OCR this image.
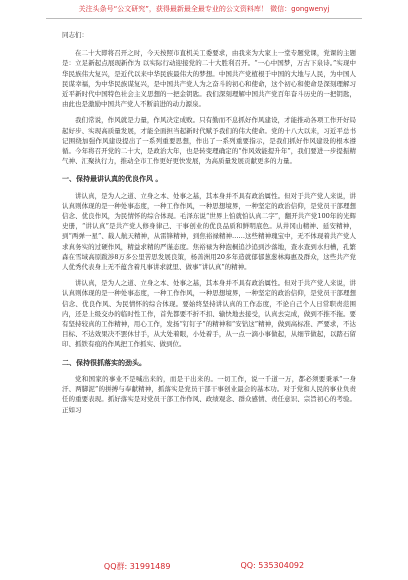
关注头条号“公文研究”，获得最新最全最专业的公文资料库！ 微信：gongwenyj

同志们：

在二十大即将召开之时，今天按照市直机关工委要求，由我来为大家上一堂专题党课，党课的主题是：立足新起点展现新作为 以实际行动迎接党的二十大胜利召开。“一心中国梦，万古下泉诗。”实现中华民族伟大复兴，是近代以来中华民族最伟大的梦想。中国共产党植根于中国的大地与人民，为中国人民谋幸福，为中华民族谋复兴，是中国共产党人为之奋斗的初心和使命，这个初心和使命是深刻理解习近平新时代中国特色社会主义思想的一把金钥匙。我们深刻理解中国共产党百年奋斗历史的一把钥匙，由此也是激励中国共产党人不断前进的动力源泉。

我们常说，作风就是力量，作风决定成败。只有勤而不息抓好作风建设，才能推动各项工作开好局起好步、实现高质量发展，才能全面担当起新时代赋予我们的伟大使命。党的十八大以来，习近平总书记围绕加强作风建设提出了一系列重要思想，作出了一系列重要指示，是我们抓好作风建设的根本遵循。今年将召开党的二十大，是政治大年，也是转变理确定的“作风效能提升年”，我们要进一步提振精气神、汇聚执行力，推动全市工作更好更快发展，为高质量发展贡献更多的力量。

一、保持最讲认真的优良作风 。

讲认真，是为人之道、立身之本、处事之基，其本身并不具有政治属性。但对于共产党人来说，讲认真则体现的是一种处事态度，一种工作作风，一种思想境界，一种坚定的政治信仰，是党员干部理想信念、优良作风，为民情怀的综合体现。毛泽东说“世界上怕就怕认真二字”，翻开共产党100年的光辉史册，“讲认真”是共产党人修身律己、干事创业的优良品质和鲜明底色。从井冈山精神、延安精神，到“两弹一星”、载人航天精神，从雷锋精神，到焦裕禄精神……这些精神瑰宝中，无不体现着共产党人求真务实的过硬作风，精益求精的严谨态度。焦裕禄为种泡桐追沙追到沙落地，查水查到水归槽，孔繁森在雪域高原跋涉8万多公里苦思发展良策，杨善洲用20多年造就郁郁葱葱林海惠及群众，这些共产党人优秀代表身上无不蕴含着凡事讲求就里、做事“讲认真”的精神。

讲认真，是为人之道、立身之本、处事之基，其本身并不具有政治属性。但对于共产党人来说，讲认真则体现的是一种处事态度，一种工作作风，一种思想境界，一种坚定的政治信仰，是党员干部理想信念、优良作风、为民情怀的综合体现。要始终坚持讲认真的工作态度，不论自己个人日常职责范围内，还是上级交办的临时性工作，首先都要不折不扣、输快地去接受，认真去完成，做到不推不拖。要有坚持较真的工作精神，用心工作，发扬“钉钉子”的精神和“安钻这”精神，做到高标准、严要求，不达目标、不达效果决不罢休甘手，从大处着眼，小处着手，从一点一滴小事做起，从细节做起，以踏石留印、抓铁有痕的作风把工作抓实、做到位。

二、保持很抓落实的劲头。

党和国家的事业不是喊出来的，而是干出来的。一切工作，说一千道一万，都必须要秉承“一身汗、两脚泥”的拼搏与奉献精神，抓落实是党员干部干事创业最会的基本功。对于党和人民的事业负责任的重要表现。抓好落实是对党员干部工作作风、政绩观念、群众感情、责任意识、宗旨初心的考验。正如习

QQ群: 31991489	QQ: 535304092
